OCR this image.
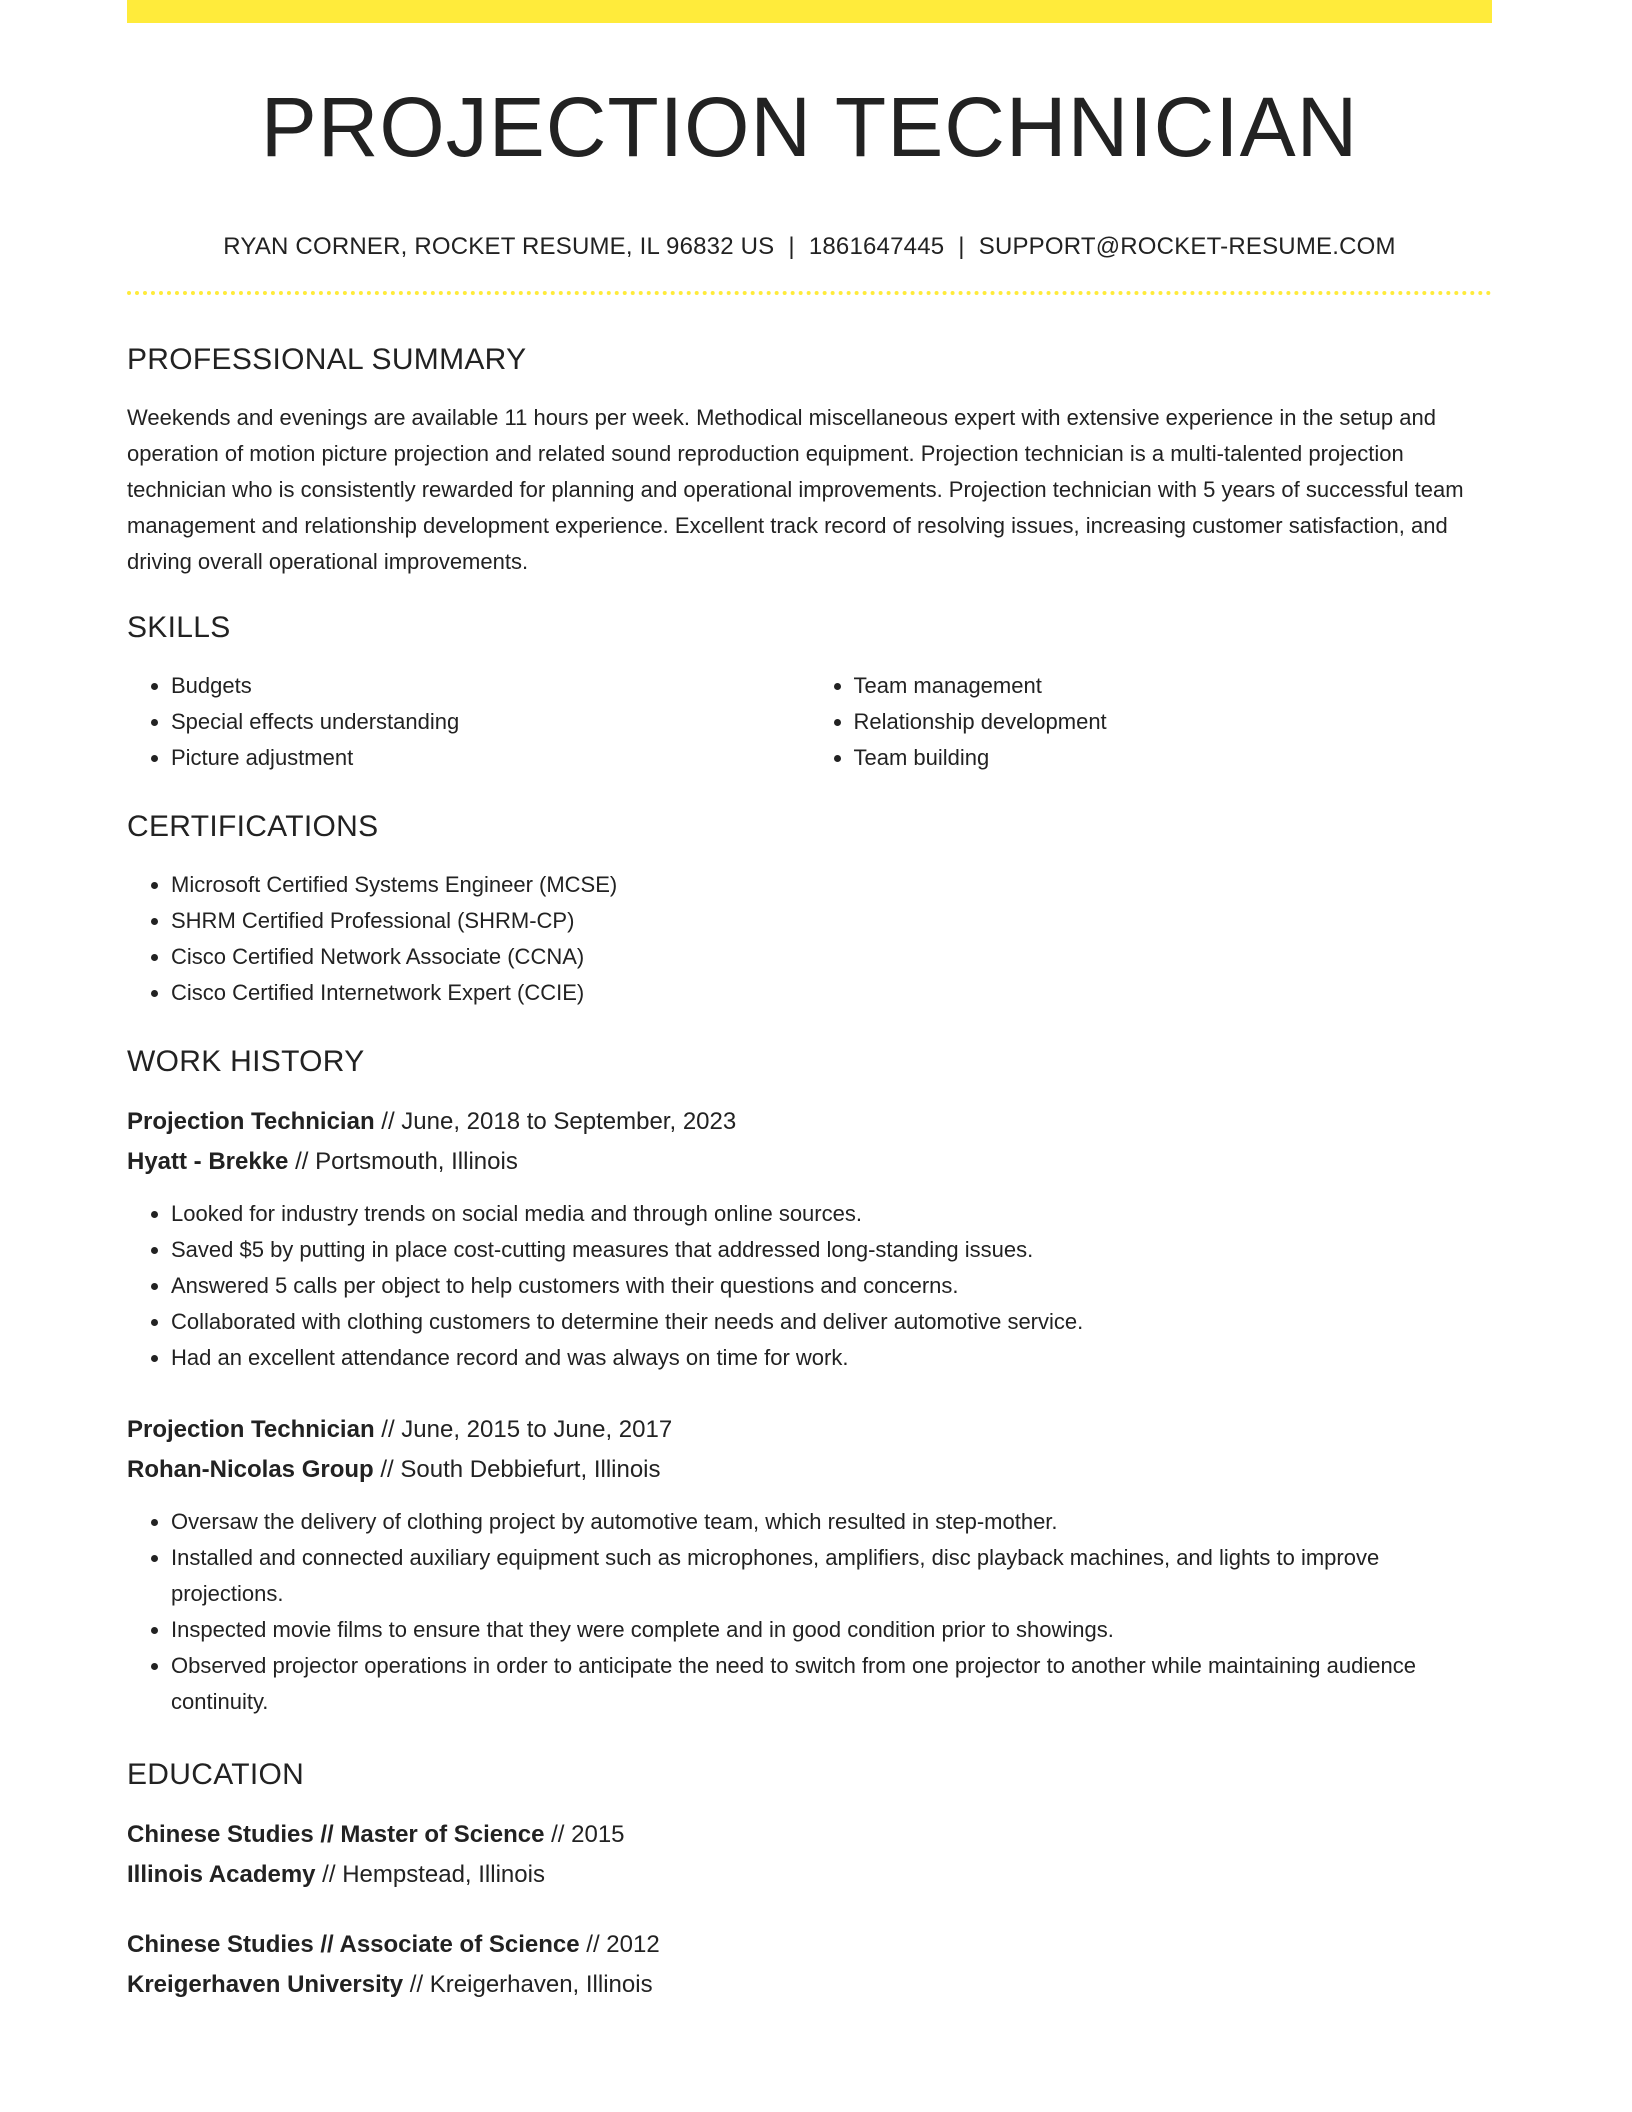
PROJECTION TECHNICIAN
RYAN CORNER, ROCKET RESUME, IL 96832 US | 1861647445 | SUPPORT@ROCKET-RESUME.COM
PROFESSIONAL SUMMARY
Weekends and evenings are available 11 hours per week. Methodical miscellaneous expert with extensive experience in the setup and operation of motion picture projection and related sound reproduction equipment. Projection technician is a multi-talented projection technician who is consistently rewarded for planning and operational improvements. Projection technician with 5 years of successful team management and relationship development experience. Excellent track record of resolving issues, increasing customer satisfaction, and driving overall operational improvements.
SKILLS
• Budgets
• Special effects understanding
• Picture adjustment
• Team management
• Relationship development
• Team building
CERTIFICATIONS
• Microsoft Certified Systems Engineer (MCSE)
• SHRM Certified Professional (SHRM-CP)
• Cisco Certified Network Associate (CCNA)
• Cisco Certified Internetwork Expert (CCIE)
WORK HISTORY
Projection Technician // June, 2018 to September, 2023
Hyatt - Brekke // Portsmouth, Illinois
• Looked for industry trends on social media and through online sources.
• Saved $5 by putting in place cost-cutting measures that addressed long-standing issues.
• Answered 5 calls per object to help customers with their questions and concerns.
• Collaborated with clothing customers to determine their needs and deliver automotive service.
• Had an excellent attendance record and was always on time for work.
Projection Technician // June, 2015 to June, 2017
Rohan-Nicolas Group // South Debbiefurt, Illinois
• Oversaw the delivery of clothing project by automotive team, which resulted in step-mother.
• Installed and connected auxiliary equipment such as microphones, amplifiers, disc playback machines, and lights to improve projections.
• Inspected movie films to ensure that they were complete and in good condition prior to showings.
• Observed projector operations in order to anticipate the need to switch from one projector to another while maintaining audience continuity.
EDUCATION
Chinese Studies // Master of Science // 2015
Illinois Academy // Hempstead, Illinois
Chinese Studies // Associate of Science // 2012
Kreigerhaven University // Kreigerhaven, Illinois
